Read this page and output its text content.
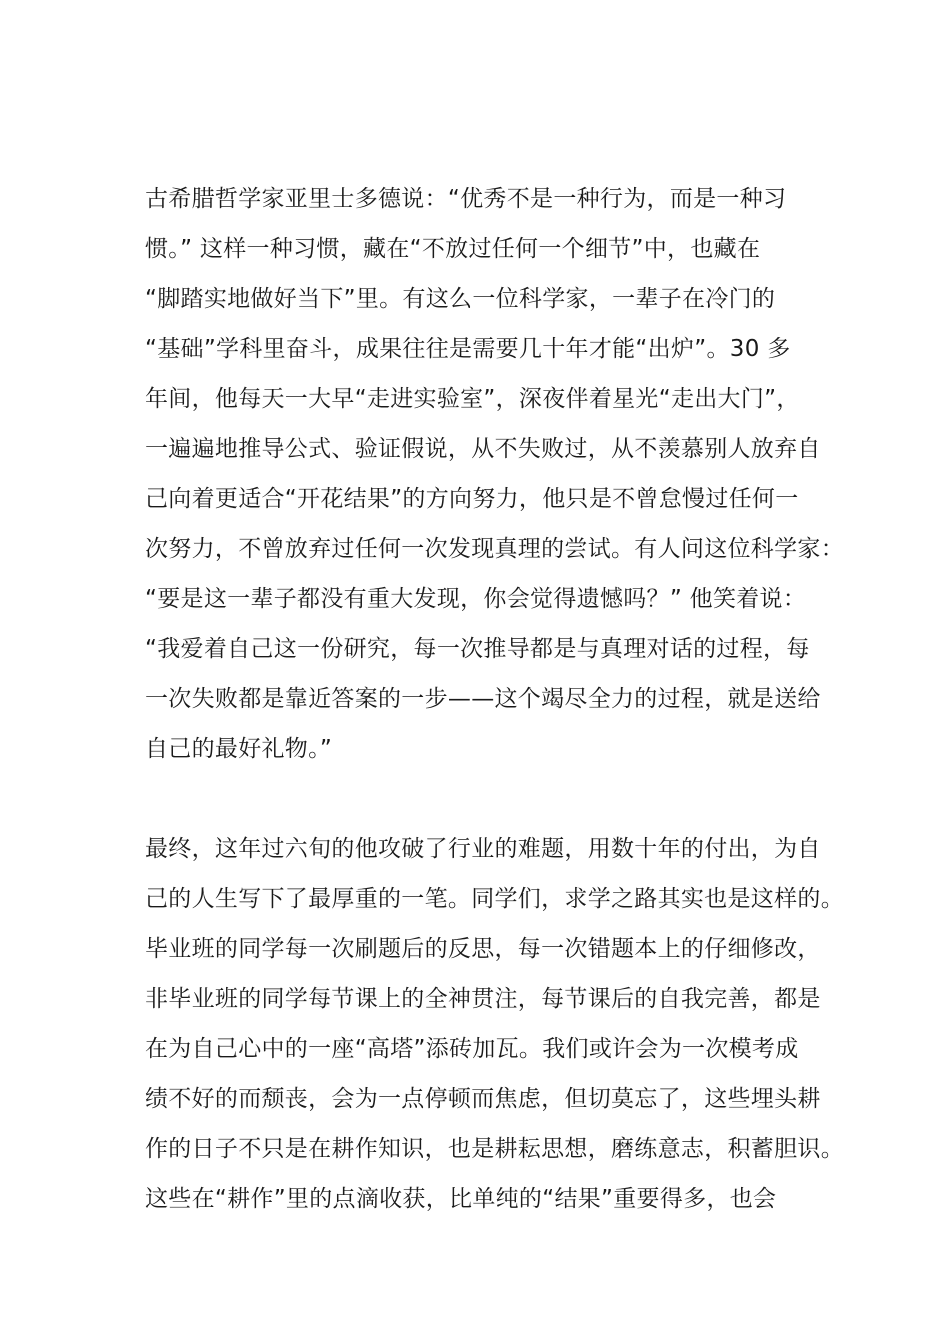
古希腊哲学家亚里士多德说：“优秀不是一种行为，而是一种习
惯。” 这样一种习惯，藏在“不放过任何一个细节”中，也藏在
“脚踏实地做好当下”里。有这么一位科学家，一辈子在冷门的
“基础”学科里奋斗，成果往往是需要几十年才能“出炉”。30 多
年间，他每天一大早“走进实验室”，深夜伴着星光“走出大门”，
一遍遍地推导公式、验证假说，从不失败过，从不羡慕别人放弃自
己向着更适合“开花结果”的方向努力，他只是不曾怠慢过任何一
次努力，不曾放弃过任何一次发现真理的尝试。有人问这位科学家：
“要是这一辈子都没有重大发现，你会觉得遗憾吗？” 他笑着说：
“我爱着自己这一份研究，每一次推导都是与真理对话的过程，每
一次失败都是靠近答案的一步——这个竭尽全力的过程，就是送给
自己的最好礼物。”
最终，这年过六旬的他攻破了行业的难题，用数十年的付出，为自
己的人生写下了最厚重的一笔。同学们，求学之路其实也是这样的。
毕业班的同学每一次刷题后的反思，每一次错题本上的仔细修改，
非毕业班的同学每节课上的全神贯注，每节课后的自我完善，都是
在为自己心中的一座“高塔”添砖加瓦。我们或许会为一次模考成
绩不好的而颓丧，会为一点停顿而焦虑，但切莫忘了，这些埋头耕
作的日子不只是在耕作知识，也是耕耘思想，磨练意志，积蓄胆识。
这些在“耕作”里的点滴收获，比单纯的“结果”重要得多，也会
